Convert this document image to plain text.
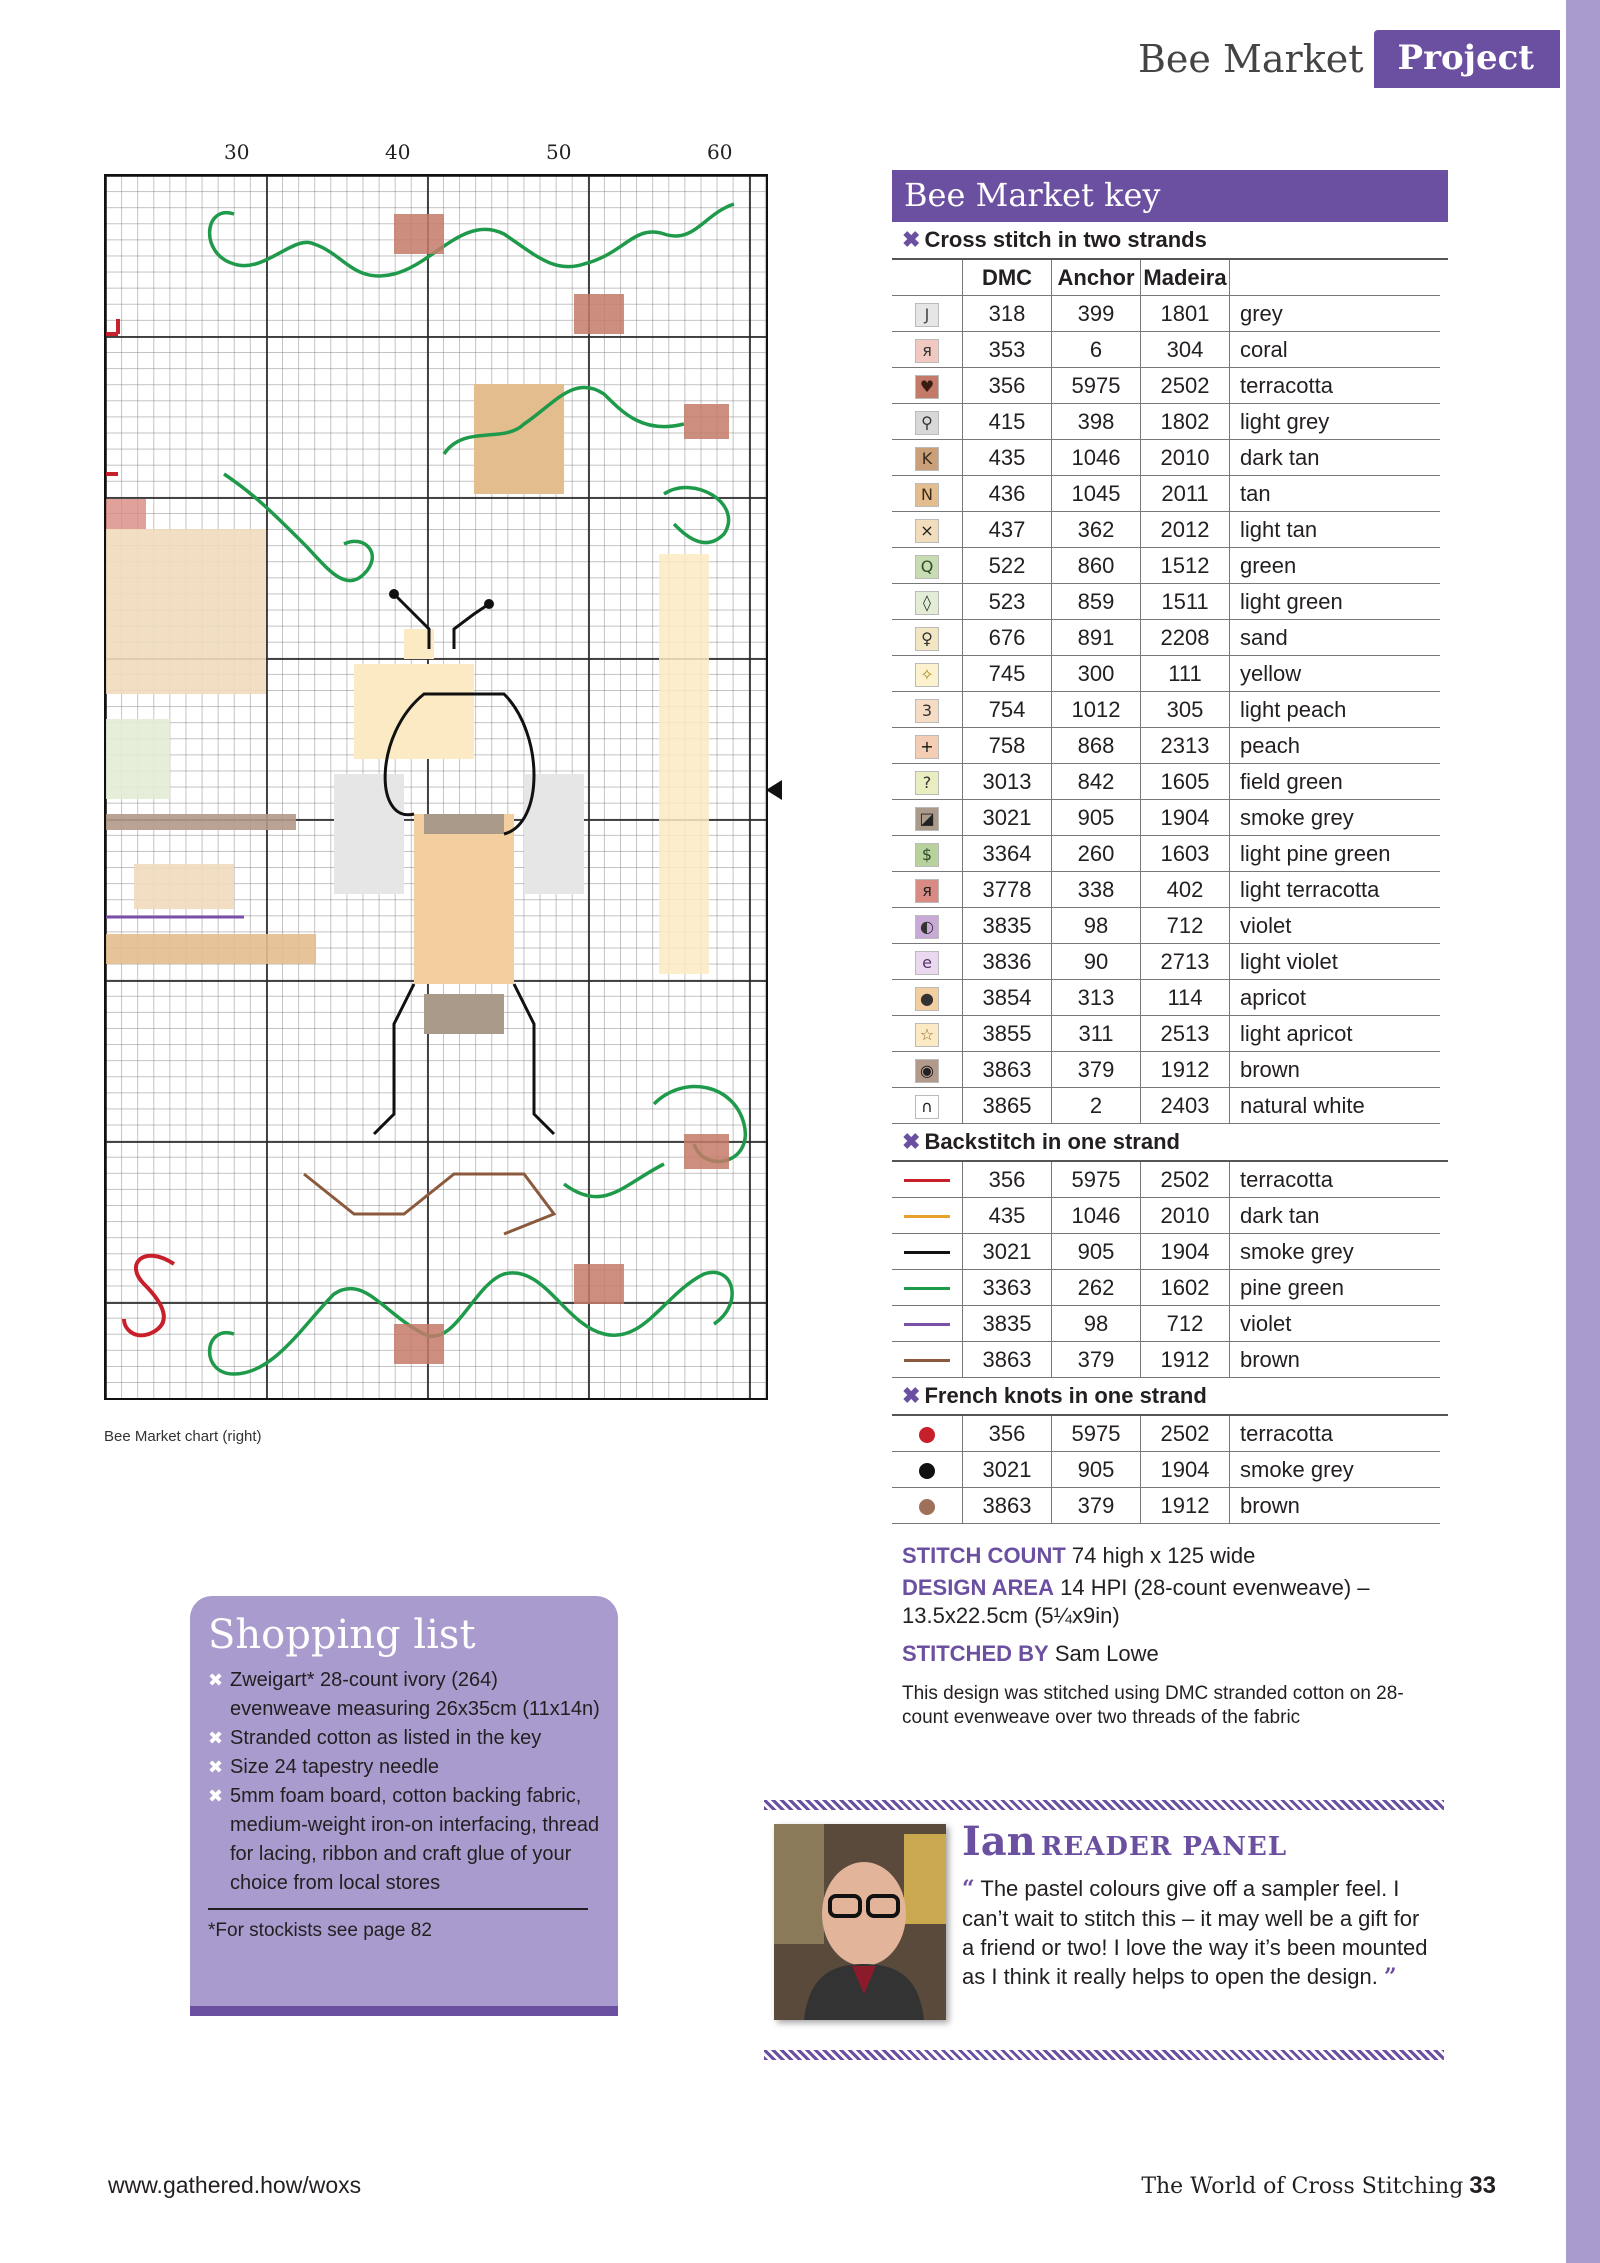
Bee Market	Project
30	40	50	60
Bee Market chart (right)
Bee Market key
✖ Cross stitch in two strands
	DMC	Anchor	Madeira	
J	318	399	1801	grey
я	353	6	304	coral
♥	356	5975	2502	terracotta
⚲	415	398	1802	light grey
K	435	1046	2010	dark tan
N	436	1045	2011	tan
×	437	362	2012	light tan
Q	522	860	1512	green
◊	523	859	1511	light green
♀	676	891	2208	sand
✧	745	300	111	yellow
3	754	1012	305	light peach
+	758	868	2313	peach
?	3013	842	1605	field green
◪	3021	905	1904	smoke grey
$	3364	260	1603	light pine green
я	3778	338	402	light terracotta
◐	3835	98	712	violet
e	3836	90	2713	light violet
●	3854	313	114	apricot
☆	3855	311	2513	light apricot
◉	3863	379	1912	brown
∩	3865	2	2403	natural white
✖ Backstitch in one strand
	356	5975	2502	terracotta
	435	1046	2010	dark tan
	3021	905	1904	smoke grey
	3363	262	1602	pine green
	3835	98	712	violet
	3863	379	1912	brown
✖ French knots in one strand
	356	5975	2502	terracotta
	3021	905	1904	smoke grey
	3863	379	1912	brown

STITCH COUNT 74 high x 125 wide

DESIGN AREA 14 HPI (28-count evenweave) – 13.5x22.5cm (5¼x9in)

STITCHED BY Sam Lowe

This design was stitched using DMC stranded cotton on 28-count evenweave over two threads of the fabric

Shopping list
✖ Zweigart* 28-count ivory (264) evenweave measuring 26x35cm (11x14n)
✖ Stranded cotton as listed in the key
✖ Size 24 tapestry needle
✖ 5mm foam board, cotton backing fabric, medium-weight iron-on interfacing, thread for lacing, ribbon and craft glue of your choice from local stores
*For stockists see page 82
Ian READER PANEL
“ The pastel colours give off a sampler feel. I can’t wait to stitch this – it may well be a gift for a friend or two! I love the way it’s been mounted as I think it really helps to open the design. ”
www.gathered.how/woxs	The World of Cross Stitching 33
